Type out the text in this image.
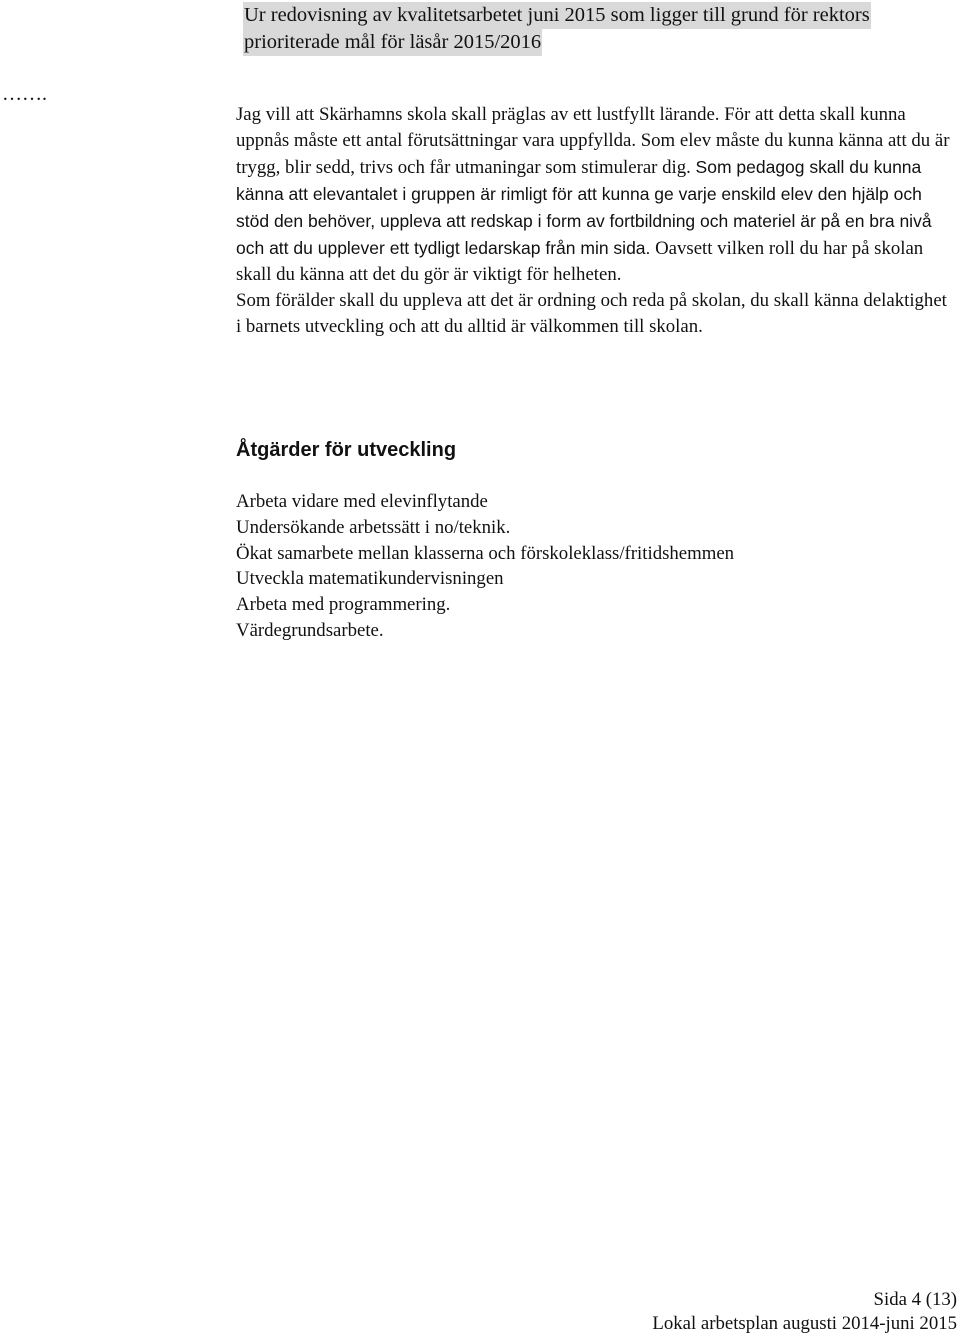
Ur redovisning av kvalitetsarbetet juni 2015 som ligger till grund för rektors
prioriterade mål för läsår 2015/2016
…….

Jag vill att Skärhamns skola skall präglas av ett lustfyllt lärande. För att detta skall kunna uppnås måste ett antal förutsättningar vara uppfyllda. Som elev måste du kunna känna att du är trygg, blir sedd, trivs och får utmaningar som stimulerar dig. Som pedagog skall du kunna känna att elevantalet i gruppen är rimligt för att kunna ge varje enskild elev den hjälp och stöd den behöver, uppleva att redskap i form av fortbildning och materiel är på en bra nivå och att du upplever ett tydligt ledarskap från min sida. Oavsett vilken roll du har på skolan skall du känna att det du gör är viktigt för helheten.

Som förälder skall du uppleva att det är ordning och reda på skolan, du skall känna delaktighet i barnets utveckling och att du alltid är välkommen till skolan.

Åtgärder för utveckling
Arbeta vidare med elevinflytande
Undersökande arbetssätt i no/teknik.
Ökat samarbete mellan klasserna och förskoleklass/fritidshemmen
Utveckla matematikundervisningen
Arbeta med programmering.
Värdegrundsarbete.
Sida 4 (13)
Lokal arbetsplan augusti 2014-juni 2015
